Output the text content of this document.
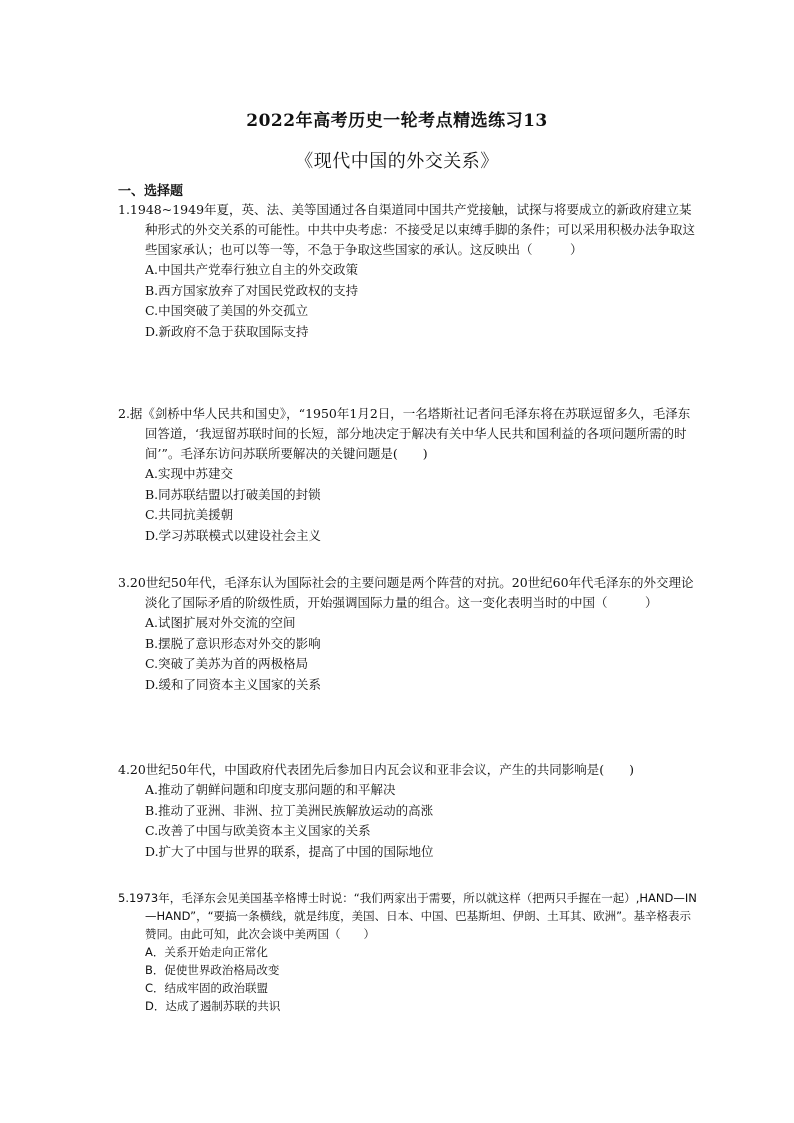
2022年高考历史一轮考点精选练习13
《现代中国的外交关系》
一、选择题

1.1948~1949年夏，英、法、美等国通过各自渠道同中国共产党接触，试探与将要成立的新政府建立某种形式的外交关系的可能性。中共中央考虑：不接受足以束缚手脚的条件；可以采用积极办法争取这些国家承认；也可以等一等，不急于争取这些国家的承认。这反映出（　　　）

A.中国共产党奉行独立自主的外交政策

B.西方国家放弃了对国民党政权的支持

C.中国突破了美国的外交孤立

D.新政府不急于获取国际支持

2.据《剑桥中华人民共和国史》，“1950年1月2日，一名塔斯社记者问毛泽东将在苏联逗留多久，毛泽东回答道，‘我逗留苏联时间的长短，部分地决定于解决有关中华人民共和国利益的各项问题所需的时间’”。毛泽东访问苏联所要解决的关键问题是(　　)

A.实现中苏建交

B.同苏联结盟以打破美国的封锁

C.共同抗美援朝

D.学习苏联模式以建设社会主义

3.20世纪50年代，毛泽东认为国际社会的主要问题是两个阵营的对抗。20世纪60年代毛泽东的外交理论淡化了国际矛盾的阶级性质，开始强调国际力量的组合。这一变化表明当时的中国（　　　）

A.试图扩展对外交流的空间

B.摆脱了意识形态对外交的影响

C.突破了美苏为首的两极格局

D.缓和了同资本主义国家的关系

4.20世纪50年代，中国政府代表团先后参加日内瓦会议和亚非会议，产生的共同影响是(　　)

A.推动了朝鲜问题和印度支那问题的和平解决

B.推动了亚洲、非洲、拉丁美洲民族解放运动的高涨

C.改善了中国与欧美资本主义国家的关系

D.扩大了中国与世界的联系，提高了中国的国际地位

5.1973年，毛泽东会见美国基辛格博士时说：“我们两家出于需要，所以就这样（把两只手握在一起）,HAND—IN—HAND”，“要搞一条横线，就是纬度，美国、日本、中国、巴基斯坦、伊朗、土耳其、欧洲”。基辛格表示赞同。由此可知，此次会谈中美两国（　　）

A．关系开始走向正常化

B．促使世界政治格局改变

C．结成牢固的政治联盟

D．达成了遏制苏联的共识
